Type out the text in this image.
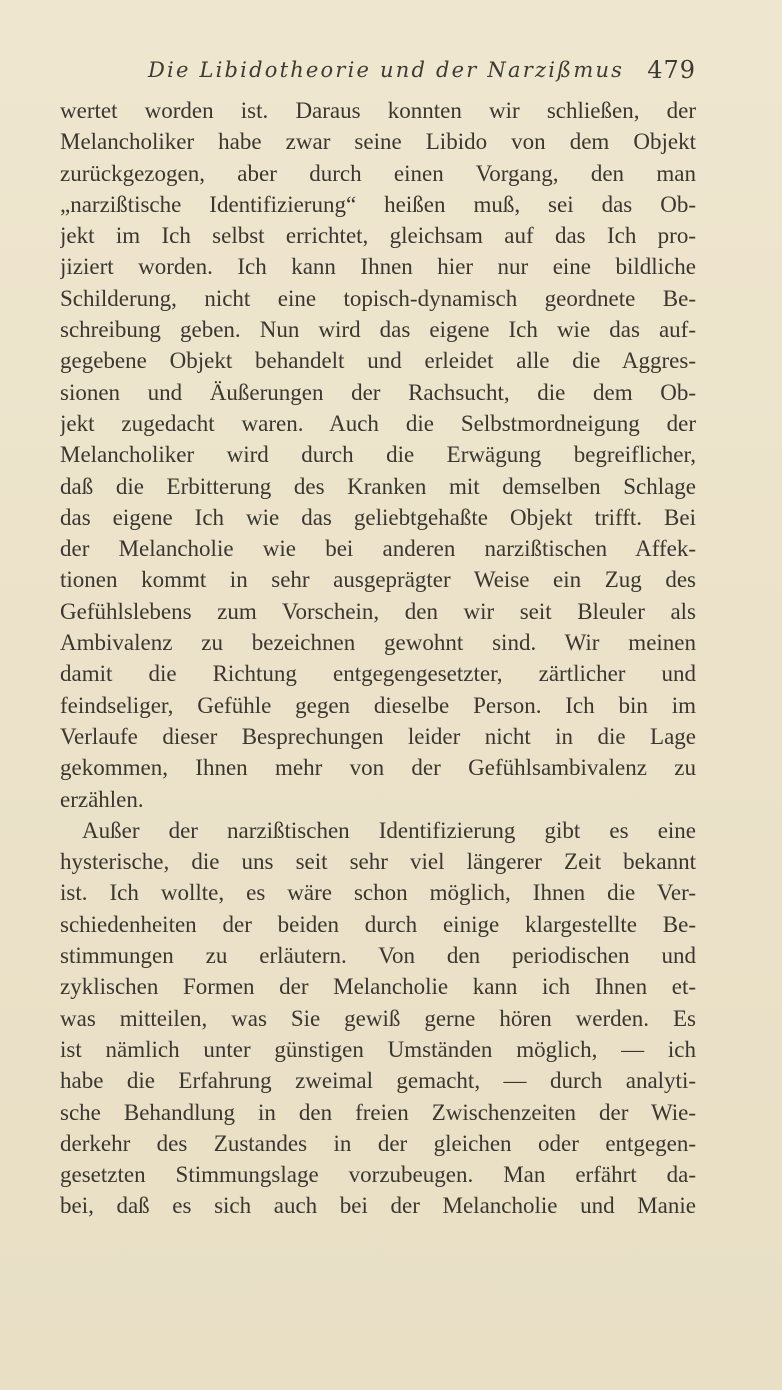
Die Libidotheorie und der Narzißmus 479
wertet worden ist. Daraus konnten wir schließen, der
Melancholiker habe zwar seine Libido von dem Objekt
zurückgezogen, aber durch einen Vorgang, den man
„narzißtische Identifizierung“ heißen muß, sei das Ob-
jekt im Ich selbst errichtet, gleichsam auf das Ich pro-
jiziert worden. Ich kann Ihnen hier nur eine bildliche
Schilderung, nicht eine topisch-dynamisch geordnete Be-
schreibung geben. Nun wird das eigene Ich wie das auf-
gegebene Objekt behandelt und erleidet alle die Aggres-
sionen und Äußerungen der Rachsucht, die dem Ob-
jekt zugedacht waren. Auch die Selbstmordneigung der
Melancholiker wird durch die Erwägung begreiflicher,
daß die Erbitterung des Kranken mit demselben Schlage
das eigene Ich wie das geliebtgehaßte Objekt trifft. Bei
der Melancholie wie bei anderen narzißtischen Affek-
tionen kommt in sehr ausgeprägter Weise ein Zug des
Gefühlslebens zum Vorschein, den wir seit Bleuler als
Ambivalenz zu bezeichnen gewohnt sind. Wir meinen
damit die Richtung entgegengesetzter, zärtlicher und
feindseliger, Gefühle gegen dieselbe Person. Ich bin im
Verlaufe dieser Besprechungen leider nicht in die Lage
gekommen, Ihnen mehr von der Gefühlsambivalenz zu
erzählen.
Außer der narzißtischen Identifizierung gibt es eine
hysterische, die uns seit sehr viel längerer Zeit bekannt
ist. Ich wollte, es wäre schon möglich, Ihnen die Ver-
schiedenheiten der beiden durch einige klargestellte Be-
stimmungen zu erläutern. Von den periodischen und
zyklischen Formen der Melancholie kann ich Ihnen et-
was mitteilen, was Sie gewiß gerne hören werden. Es
ist nämlich unter günstigen Umständen möglich, — ich
habe die Erfahrung zweimal gemacht, — durch analyti-
sche Behandlung in den freien Zwischenzeiten der Wie-
derkehr des Zustandes in der gleichen oder entgegen-
gesetzten Stimmungslage vorzubeugen. Man erfährt da-
bei, daß es sich auch bei der Melancholie und Manie
